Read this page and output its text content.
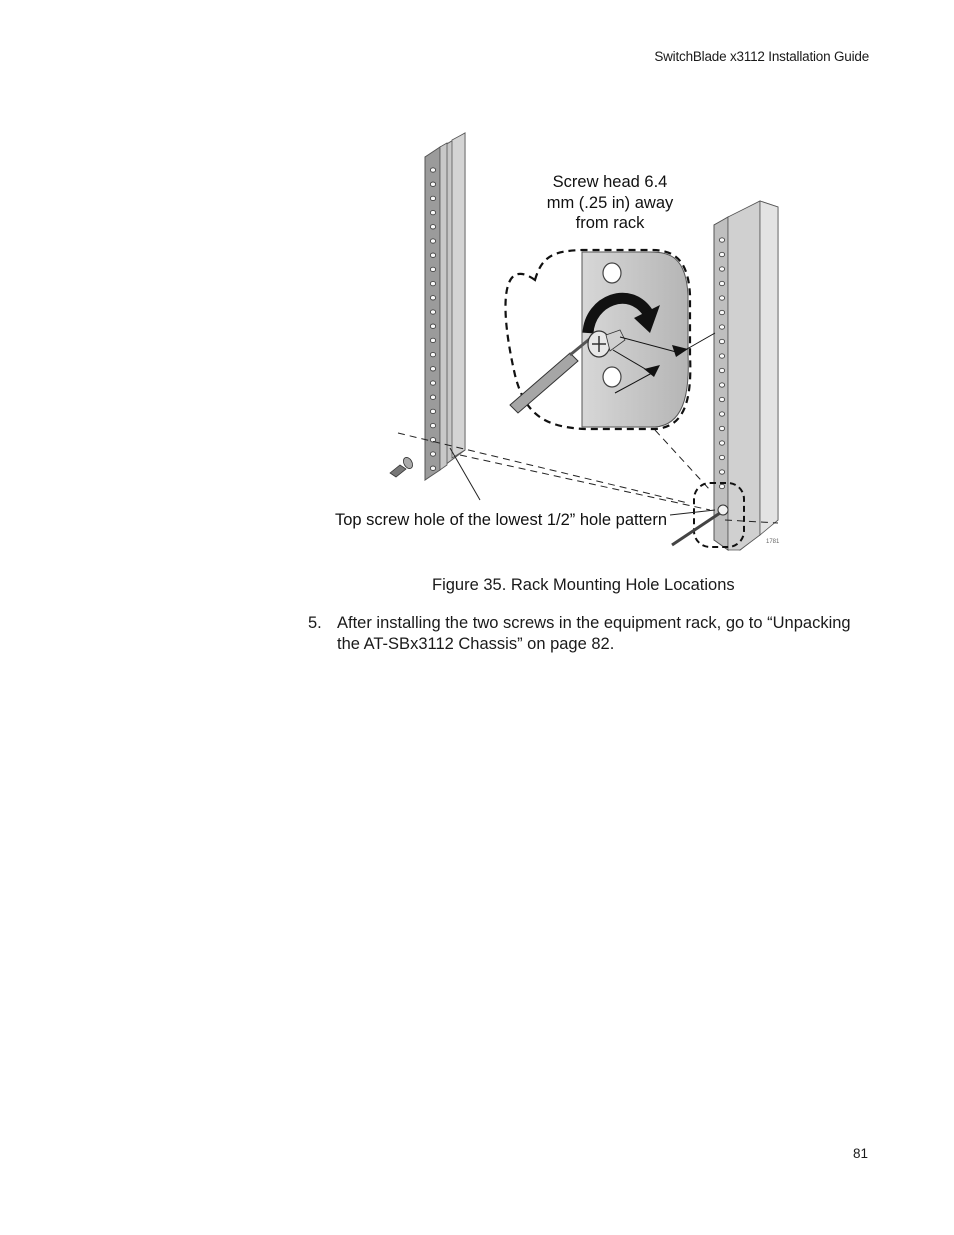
SwitchBlade x3112 Installation Guide
Screw head 6.4 mm (.25 in) away from rack
Top screw hole of the lowest 1/2” hole pattern
1781
Figure 35. Rack Mounting Hole Locations
5. After installing the two screws in the equipment rack, go to “Unpacking the AT-SBx3112 Chassis” on page 82.
81
